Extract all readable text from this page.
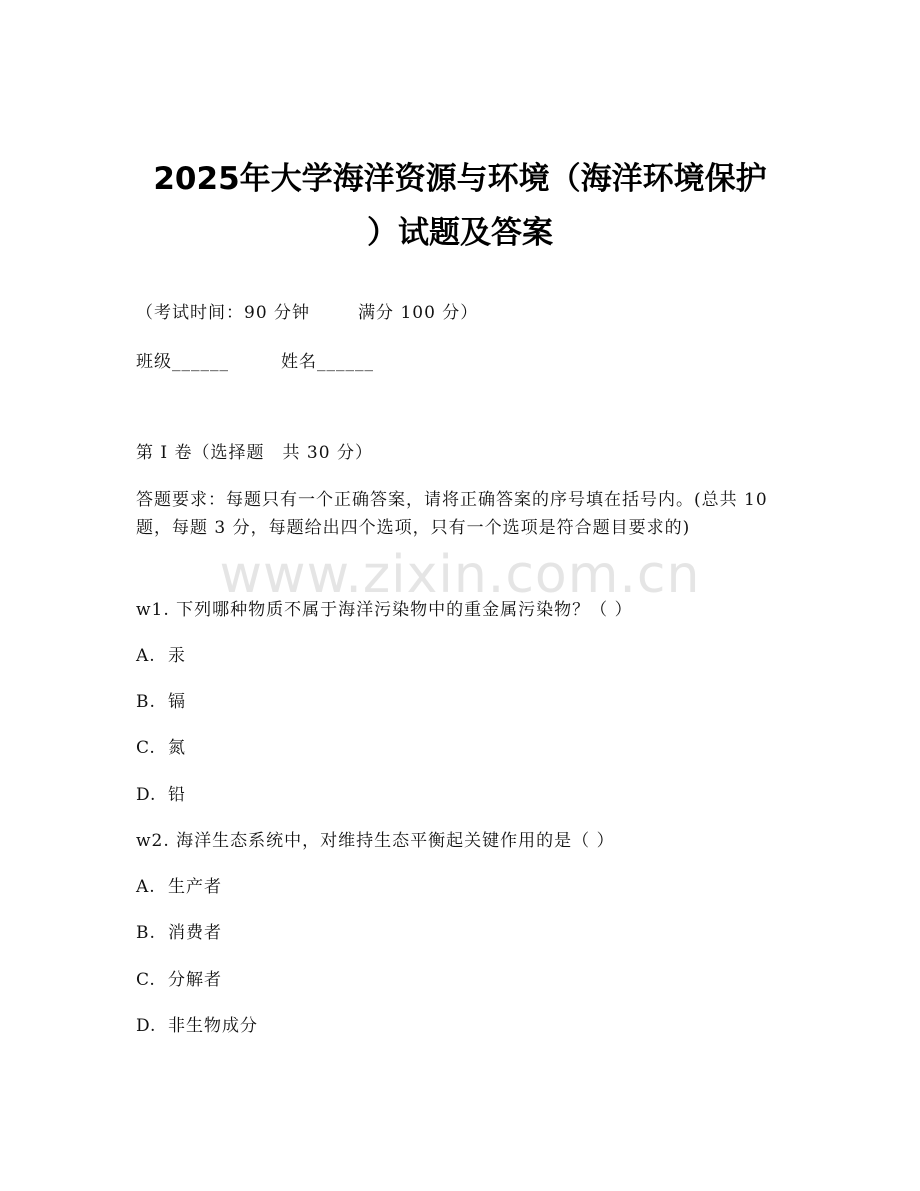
2025年大学海洋资源与环境（海洋环境保护
）试题及答案
（考试时间：90 分钟	满分 100 分）
班级______	姓名______
第 I 卷（选择题　共 30 分）
答题要求：每题只有一个正确答案，请将正确答案的序号填在括号内。(总共 10 题，每题 3 分，每题给出四个选项，只有一个选项是符合题目要求的)
www.zixin.com.cn
w1. 下列哪种物质不属于海洋污染物中的重金属污染物？（ ）
A. 汞
B. 镉
C. 氮
D. 铅
w2. 海洋生态系统中，对维持生态平衡起关键作用的是（ ）
A. 生产者
B. 消费者
C. 分解者
D. 非生物成分
